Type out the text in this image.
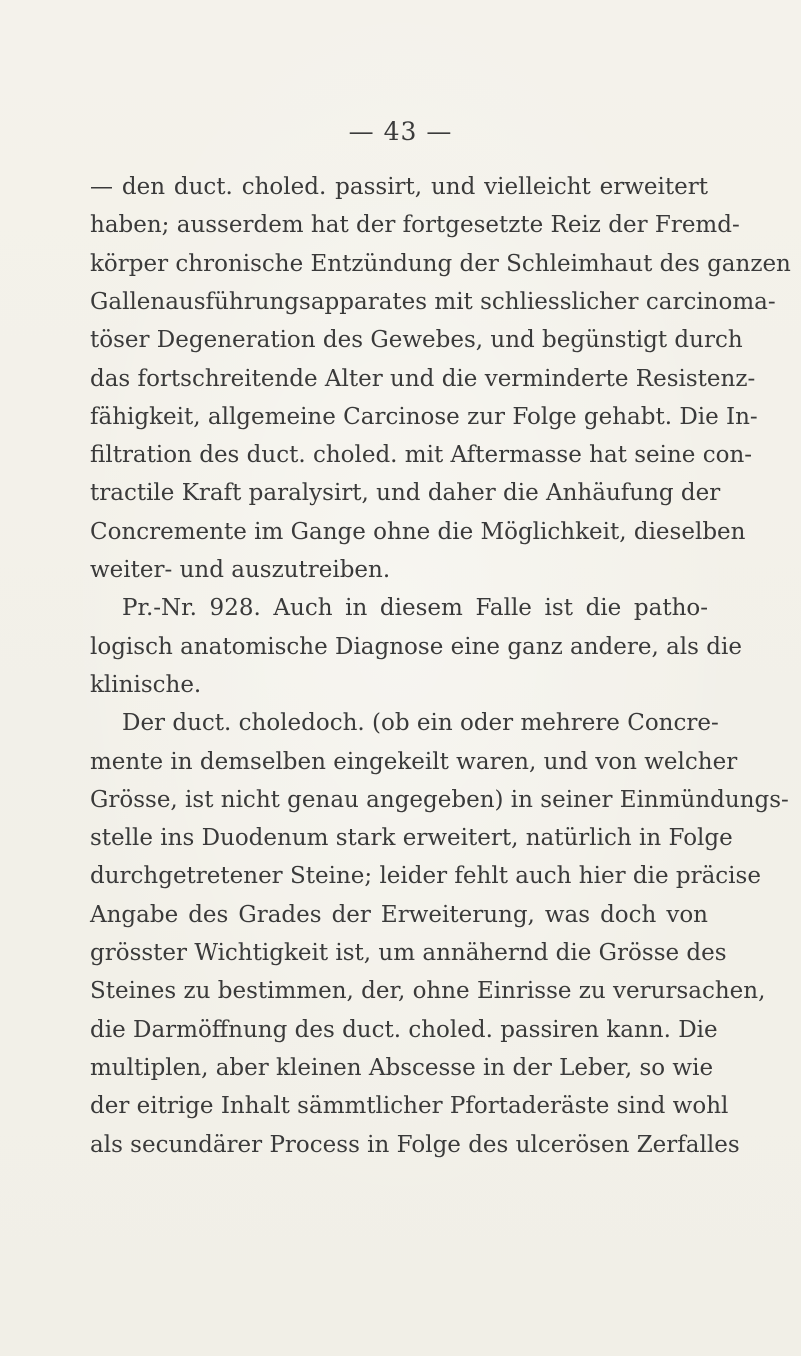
— 43 —
— den duct. choled. passirt, und vielleicht erweitert
haben; ausserdem hat der fortgesetzte Reiz der Fremd-
körper chronische Entzündung der Schleimhaut des ganzen
Gallenausführungsapparates mit schliesslicher carcinoma-
töser Degeneration des Gewebes, und begünstigt durch
das fortschreitende Alter und die verminderte Resistenz-
fähigkeit, allgemeine Carcinose zur Folge gehabt. Die In-
filtration des duct. choled. mit Aftermasse hat seine con-
tractile Kraft paralysirt, und daher die Anhäufung der
Concremente im Gange ohne die Möglichkeit, dieselben
weiter- und auszutreiben.
Pr.-Nr. 928. Auch in diesem Falle ist die patho-
logisch anatomische Diagnose eine ganz andere, als die
klinische.
Der duct. choledoch. (ob ein oder mehrere Concre-
mente in demselben eingekeilt waren, und von welcher
Grösse, ist nicht genau angegeben) in seiner Einmündungs-
stelle ins Duodenum stark erweitert, natürlich in Folge
durchgetretener Steine; leider fehlt auch hier die präcise
Angabe des Grades der Erweiterung, was doch von
grösster Wichtigkeit ist, um annähernd die Grösse des
Steines zu bestimmen, der, ohne Einrisse zu verursachen,
die Darmöffnung des duct. choled. passiren kann. Die
multiplen, aber kleinen Abscesse in der Leber, so wie
der eitrige Inhalt sämmtlicher Pfortaderäste sind wohl
als secundärer Process in Folge des ulcerösen Zerfalles
